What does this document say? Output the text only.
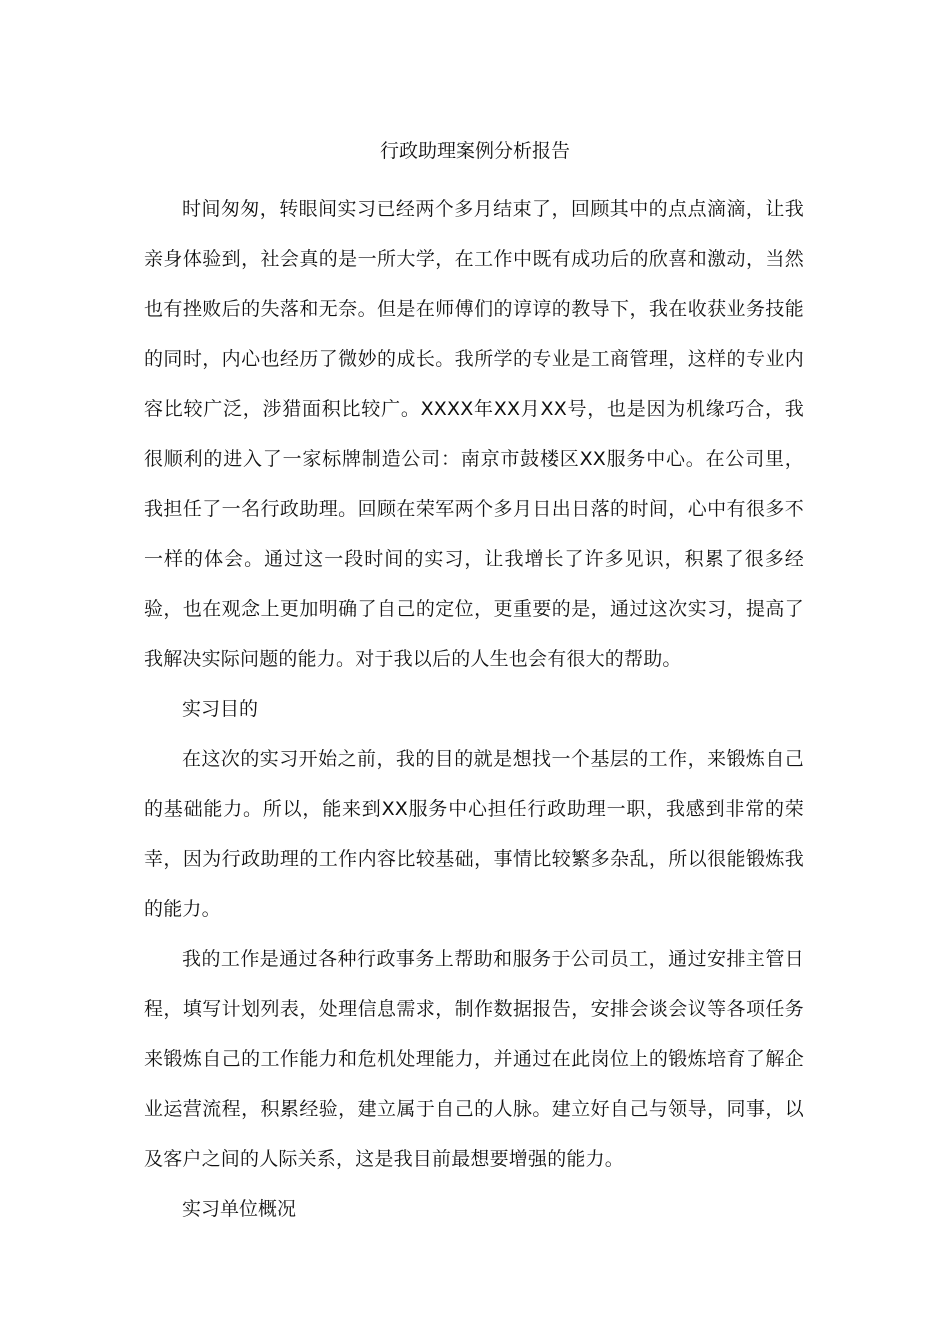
行政助理案例分析报告

时间匆匆，转眼间实习已经两个多月结束了，回顾其中的点点滴滴，让我亲身体验到，社会真的是一所大学，在工作中既有成功后的欣喜和激动，当然也有挫败后的失落和无奈。但是在师傅们的谆谆的教导下，我在收获业务技能的同时，内心也经历了微妙的成长。我所学的专业是工商管理，这样的专业内容比较广泛，涉猎面积比较广。XXXX年XX月XX号，也是因为机缘巧合，我很顺利的进入了一家标牌制造公司：南京市鼓楼区XX服务中心。在公司里，我担任了一名行政助理。回顾在荣军两个多月日出日落的时间，心中有很多不一样的体会。通过这一段时间的实习，让我增长了许多见识，积累了很多经验，也在观念上更加明确了自己的定位，更重要的是，通过这次实习，提高了我解决实际问题的能力。对于我以后的人生也会有很大的帮助。

实习目的

在这次的实习开始之前，我的目的就是想找一个基层的工作，来锻炼自己的基础能力。所以，能来到XX服务中心担任行政助理一职，我感到非常的荣幸，因为行政助理的工作内容比较基础，事情比较繁多杂乱，所以很能锻炼我的能力。

我的工作是通过各种行政事务上帮助和服务于公司员工，通过安排主管日程，填写计划列表，处理信息需求，制作数据报告，安排会谈会议等各项任务来锻炼自己的工作能力和危机处理能力，并通过在此岗位上的锻炼培育了解企业运营流程，积累经验，建立属于自己的人脉。建立好自己与领导，同事，以及客户之间的人际关系，这是我目前最想要增强的能力。

实习单位概况
